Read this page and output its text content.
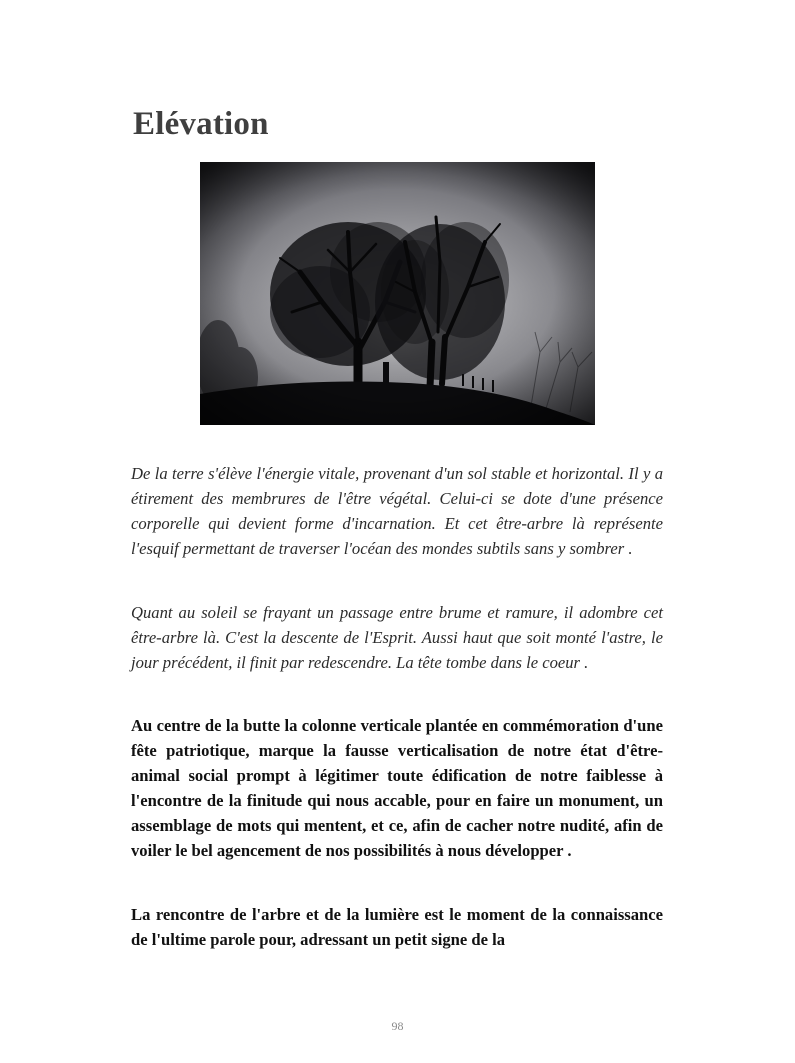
Elévation

De la terre s'élève l'énergie vitale, provenant d'un sol stable et horizontal. Il y a étirement des membrures de l'être végétal. Celui-ci se dote d'une présence corporelle qui devient forme d'incarnation. Et cet être-arbre là représente l'esquif permettant de traverser l'océan des mondes subtils sans y sombrer .

Quant au soleil se frayant un passage entre brume et ramure, il adombre cet être-arbre là. C'est la descente de l'Esprit. Aussi haut que soit monté l'astre, le jour précédent, il finit par redescendre. La tête tombe dans le coeur .

Au centre de la butte la colonne verticale plantée en commémoration d'une fête patriotique, marque la fausse verticalisation de notre état d'être-animal social prompt à légitimer toute édification de notre faiblesse à l'encontre de la finitude qui nous accable, pour en faire un monument, un assemblage de mots qui mentent, et ce, afin de cacher notre nudité, afin de voiler le bel agencement de nos possibilités à nous développer .

La rencontre de l'arbre et de la lumière est le moment de la connaissance de l'ultime parole pour, adressant un petit signe de la

98
